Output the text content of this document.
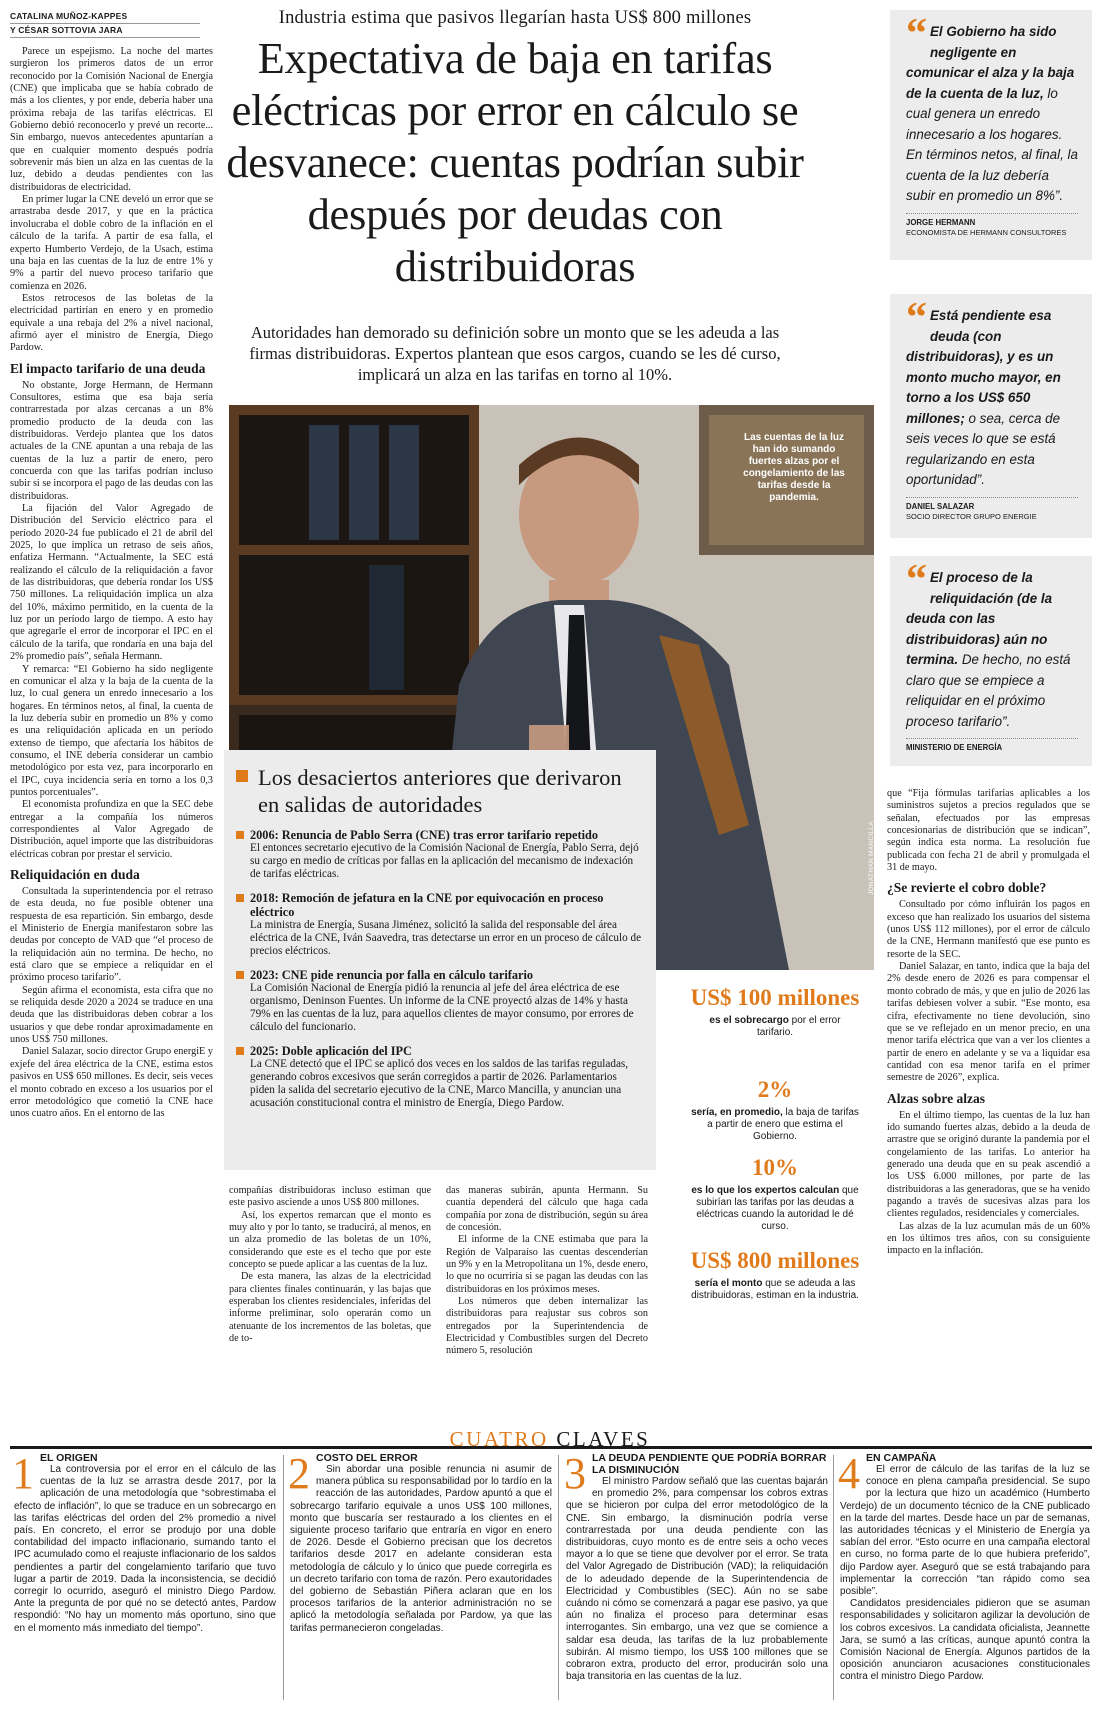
CATALINA MUÑOZ-KAPPES
Y CÉSAR SOTTOVIA JARA
Industria estima que pasivos llegarían hasta US$ 800 millones
Expectativa de baja en tarifas eléctricas por error en cálculo se desvanece: cuentas podrían subir después por deudas con distribuidoras
Autoridades han demorado su definición sobre un monto que se les adeuda a las firmas distribuidoras. Expertos plantean que esos cargos, cuando se les dé curso, implicará un alza en las tarifas en torno al 10%.

Parece un espejismo. La noche del martes surgieron los primeros datos de un error reconocido por la Comisión Nacional de Energía (CNE) que implicaba que se había cobrado de más a los clientes, y por ende, debería haber una próxima rebaja de las tarifas eléctricas. El Gobierno debió reconocerlo y prevé un recorte... Sin embargo, nuevos antecedentes apuntarían a que en cualquier momento después podría sobrevenir más bien un alza en las cuentas de la luz, debido a deudas pendientes con las distribuidoras de electricidad.

En primer lugar la CNE develó un error que se arrastraba desde 2017, y que en la práctica involucraba el doble cobro de la inflación en el cálculo de la tarifa. A partir de esa falla, el experto Humberto Verdejo, de la Usach, estima una baja en las cuentas de la luz de entre 1% y 9% a partir del nuevo proceso tarifario que comienza en 2026.

Estos retrocesos de las boletas de la electricidad partirían en enero y en promedio equivale a una rebaja del 2% a nivel nacional, afirmó ayer el ministro de Energía, Diego Pardow.

El impacto tarifario de una deuda

No obstante, Jorge Hermann, de Hermann Consultores, estima que esa baja sería contrarrestada por alzas cercanas a un 8% promedio producto de la deuda con las distribuidoras. Verdejo plantea que los datos actuales de la CNE apuntan a una rebaja de las cuentas de la luz a partir de enero, pero concuerda con que las tarifas podrían incluso subir si se incorpora el pago de las deudas con las distribuidoras.

La fijación del Valor Agregado de Distribución del Servicio eléctrico para el período 2020-24 fue publicado el 21 de abril del 2025, lo que implica un retraso de seis años, enfatiza Hermann. “Actualmente, la SEC está realizando el cálculo de la reliquidación a favor de las distribuidoras, que debería rondar los US$ 750 millones. La reliquidación implica un alza del 10%, máximo permitido, en la cuenta de la luz por un período largo de tiempo. A esto hay que agregarle el error de incorporar el IPC en el cálculo de la tarifa, que rondaría en una baja del 2% promedio país”, señala Hermann.

Y remarca: “El Gobierno ha sido negligente en comunicar el alza y la baja de la cuenta de la luz, lo cual genera un enredo innecesario a los hogares. En términos netos, al final, la cuenta de la luz debería subir en promedio un 8% y como es una reliquidación aplicada en un período extenso de tiempo, que afectaría los hábitos de consumo, el INE debería considerar un cambio metodológico por esta vez, para incorporarlo en el IPC, cuya incidencia sería en torno a los 0,3 puntos porcentuales”.

El economista profundiza en que la SEC debe entregar a la compañía los números correspondientes al Valor Agregado de Distribución, aquel importe que las distribuidoras eléctricas cobran por prestar el servicio.

Reliquidación en duda

Consultada la superintendencia por el retraso de esta deuda, no fue posible obtener una respuesta de esa repartición. Sin embargo, desde el Ministerio de Energía manifestaron sobre las deudas por concepto de VAD que “el proceso de la reliquidación aún no termina. De hecho, no está claro que se empiece a reliquidar en el próximo proceso tarifario”.

Según afirma el economista, esta cifra que no se reliquida desde 2020 a 2024 se traduce en una deuda que las distribuidoras deben cobrar a los usuarios y que debe rondar aproximadamente en unos US$ 750 millones.

Daniel Salazar, socio director Grupo energiE y exjefe del área eléctrica de la CNE, estima estos pasivos en US$ 650 millones. Es decir, seis veces el monto cobrado en exceso a los usuarios por el error metodológico que cometió la CNE hace unos cuatro años. En el entorno de las

Las cuentas de la luz han ido sumando fuertes alzas por el congelamiento de las tarifas desde la pandemia.
JONATHAN MANCILLA
“ El Gobierno ha sido negligente en comunicar el alza y la baja de la cuenta de la luz, lo cual genera un enredo innecesario a los hogares. En términos netos, al final, la cuenta de la luz debería subir en promedio un 8%”.
JORGE HERMANN
ECONOMISTA DE HERMANN CONSULTORES
“ Está pendiente esa deuda (con distribuidoras), y es un monto mucho mayor, en torno a los US$ 650 millones; o sea, cerca de seis veces lo que se está regularizando en esta oportunidad”.
DANIEL SALAZAR
SOCIO DIRECTOR GRUPO ENERGIE
“ El proceso de la reliquidación (de la deuda con las distribuidoras) aún no termina. De hecho, no está claro que se empiece a reliquidar en el próximo proceso tarifario”.
MINISTERIO DE ENERGÍA
Los desaciertos anteriores que derivaron en salidas de autoridades
2006: Renuncia de Pablo Serra (CNE) tras error tarifario repetido

El entonces secretario ejecutivo de la Comisión Nacional de Energía, Pablo Serra, dejó su cargo en medio de críticas por fallas en la aplicación del mecanismo de indexación de tarifas eléctricas.

2018: Remoción de jefatura en la CNE por equivocación en proceso eléctrico

La ministra de Energía, Susana Jiménez, solicitó la salida del responsable del área eléctrica de la CNE, Iván Saavedra, tras detectarse un error en un proceso de cálculo de precios eléctricos.

2023: CNE pide renuncia por falla en cálculo tarifario

La Comisión Nacional de Energía pidió la renuncia al jefe del área eléctrica de ese organismo, Deninson Fuentes. Un informe de la CNE proyectó alzas de 14% y hasta 79% en las cuentas de la luz, para aquellos clientes de mayor consumo, por errores de cálculo del funcionario.

2025: Doble aplicación del IPC

La CNE detectó que el IPC se aplicó dos veces en los saldos de las tarifas reguladas, generando cobros excesivos que serán corregidos a partir de 2026. Parlamentarios piden la salida del secretario ejecutivo de la CNE, Marco Mancilla, y anuncian una acusación constitucional contra el ministro de Energía, Diego Pardow.

US$ 100 millones
es el sobrecargo por el error tarifario.
2%
sería, en promedio, la baja de tarifas a partir de enero que estima el Gobierno.
10%
es lo que los expertos calculan que subirían las tarifas por las deudas a eléctricas cuando la autoridad le dé curso.
US$ 800 millones
sería el monto que se adeuda a las distribuidoras, estiman en la industria.

compañías distribuidoras incluso estiman que este pasivo asciende a unos US$ 800 millones.

Así, los expertos remarcan que el monto es muy alto y por lo tanto, se traducirá, al menos, en un alza promedio de las boletas de un 10%, considerando que este es el techo que por este concepto se puede aplicar a las cuentas de la luz.

De esta manera, las alzas de la electricidad para clientes finales continuarán, y las bajas que esperaban los clientes residenciales, inferidas del informe preliminar, solo operarán como un atenuante de los incrementos de las boletas, que de to-

das maneras subirán, apunta Hermann. Su cuantía dependerá del cálculo que haga cada compañía por zona de distribución, según su área de concesión.

El informe de la CNE estimaba que para la Región de Valparaíso las cuentas descenderían un 9% y en la Metropolitana un 1%, desde enero, lo que no ocurriría si se pagan las deudas con las distribuidoras en los próximos meses.

Los números que deben internalizar las distribuidoras para reajustar sus cobros son entregados por la Superintendencia de Electricidad y Combustibles surgen del Decreto número 5, resolución

que “Fija fórmulas tarifarias aplicables a los suministros sujetos a precios regulados que se señalan, efectuados por las empresas concesionarias de distribución que se indican”, según indica esta norma. La resolución fue publicada con fecha 21 de abril y promulgada el 31 de mayo.

¿Se revierte el cobro doble?

Consultado por cómo influirán los pagos en exceso que han realizado los usuarios del sistema (unos US$ 112 millones), por el error de cálculo de la CNE, Hermann manifestó que ese punto es resorte de la SEC.

Daniel Salazar, en tanto, indica que la baja del 2% desde enero de 2026 es para compensar el monto cobrado de más, y que en julio de 2026 las tarifas debiesen volver a subir. “Ese monto, esa cifra, efectivamente no tiene devolución, sino que se ve reflejado en un menor precio, en una menor tarifa eléctrica que van a ver los clientes a partir de enero en adelante y se va a liquidar esa cantidad con esa menor tarifa en el primer semestre de 2026”, explica.

Alzas sobre alzas

En el último tiempo, las cuentas de la luz han ido sumando fuertes alzas, debido a la deuda de arrastre que se originó durante la pandemia por el congelamiento de las tarifas. Lo anterior ha generado una deuda que en su peak ascendió a los US$ 6.000 millones, por parte de las distribuidoras a las generadoras, que se ha venido pagando a través de sucesivas alzas para los clientes regulados, residenciales y comerciales.

Las alzas de la luz acumulan más de un 60% en los últimos tres años, con su consiguiente impacto en la inflación.

CUATRO CLAVES
1 EL ORIGEN

La controversia por el error en el cálculo de las cuentas de la luz se arrastra desde 2017, por la aplicación de una metodología que “sobrestimaba el efecto de inflación”, lo que se traduce en un sobrecargo en las tarifas eléctricas del orden del 2% promedio a nivel país. En concreto, el error se produjo por una doble contabilidad del impacto inflacionario, sumando tanto el IPC acumulado como el reajuste inflacionario de los saldos pendientes a partir del congelamiento tarifario que tuvo lugar a partir de 2019. Dada la inconsistencia, se decidió corregir lo ocurrido, aseguró el ministro Diego Pardow. Ante la pregunta de por qué no se detectó antes, Pardow respondió: “No hay un momento más oportuno, sino que en el momento más inmediato del tiempo”.

2 COSTO DEL ERROR

Sin abordar una posible renuncia ni asumir de manera pública su responsabilidad por lo tardío en la reacción de las autoridades, Pardow apuntó a que el sobrecargo tarifario equivale a unos US$ 100 millones, monto que buscaría ser restaurado a los clientes en el siguiente proceso tarifario que entraría en vigor en enero de 2026. Desde el Gobierno precisan que los decretos tarifarios desde 2017 en adelante consideran esta metodología de cálculo y lo único que puede corregirla es un decreto tarifario con toma de razón. Pero exautoridades del gobierno de Sebastián Piñera aclaran que en los procesos tarifarios de la anterior administración no se aplicó la metodología señalada por Pardow, ya que las tarifas permanecieron congeladas.

3 LA DEUDA PENDIENTE QUE PODRÍA BORRAR LA DISMINUCIÓN

El ministro Pardow señaló que las cuentas bajarán en promedio 2%, para compensar los cobros extras que se hicieron por culpa del error metodológico de la CNE. Sin embargo, la disminución podría verse contrarrestada por una deuda pendiente con las distribuidoras, cuyo monto es de entre seis a ocho veces mayor a lo que se tiene que devolver por el error. Se trata del Valor Agregado de Distribución (VAD); la reliquidación de lo adeudado depende de la Superintendencia de Electricidad y Combustibles (SEC). Aún no se sabe cuándo ni cómo se comenzará a pagar ese pasivo, ya que aún no finaliza el proceso para determinar esas interrogantes. Sin embargo, una vez que se comience a saldar esa deuda, las tarifas de la luz probablemente subirán. Al mismo tiempo, los US$ 100 millones que se cobraron extra, producto del error, producirán solo una baja transitoria en las cuentas de la luz.

4 EN CAMPAÑA

El error de cálculo de las tarifas de la luz se conoce en plena campaña presidencial. Se supo por la lectura que hizo un académico (Humberto Verdejo) de un documento técnico de la CNE publicado en la tarde del martes. Desde hace un par de semanas, las autoridades técnicas y el Ministerio de Energía ya sabían del error. “Esto ocurre en una campaña electoral en curso, no forma parte de lo que hubiera preferido”, dijo Pardow ayer. Aseguró que se está trabajando para implementar la corrección “tan rápido como sea posible”.

Candidatos presidenciales pidieron que se asuman responsabilidades y solicitaron agilizar la devolución de los cobros excesivos. La candidata oficialista, Jeannette Jara, se sumó a las críticas, aunque apuntó contra la Comisión Nacional de Energía. Algunos partidos de la oposición anunciaron acusaciones constitucionales contra el ministro Diego Pardow.
